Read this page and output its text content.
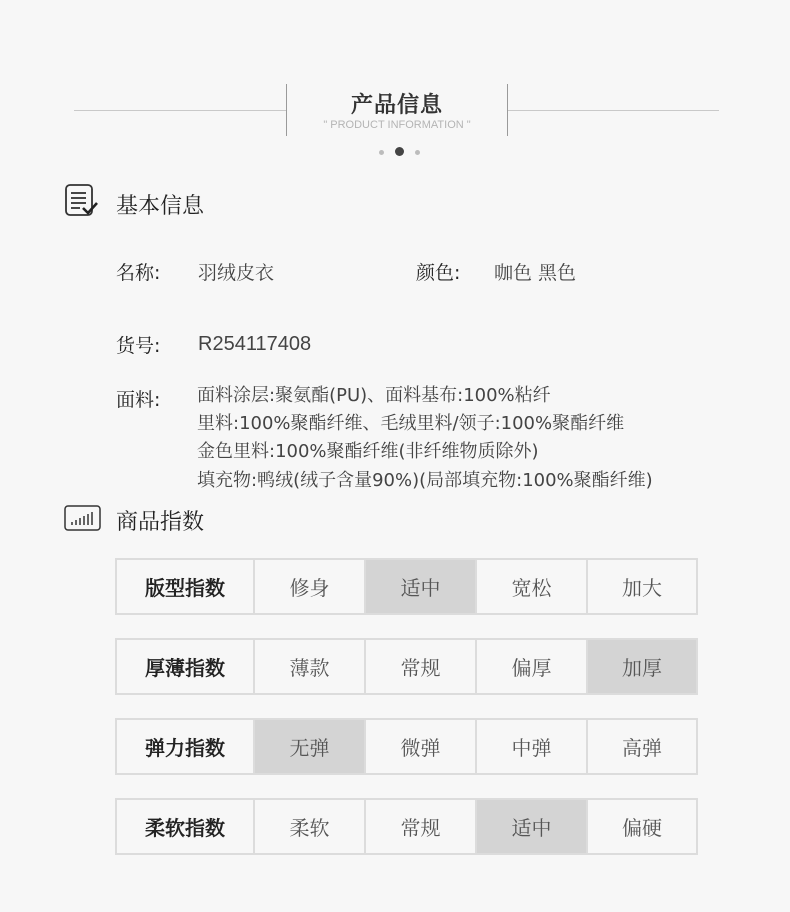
产品信息
" PRODUCT INFORMATION "
基本信息
名称: 羽绒皮衣	颜色: 咖色 黑色
货号: R254117408
面料: 面料涂层:聚氨酯(PU)、面料基布:100%粘纤
里料:100%聚酯纤维、毛绒里料/领子:100%聚酯纤维
金色里料:100%聚酯纤维(非纤维物质除外)
填充物:鸭绒(绒子含量90%)(局部填充物:100%聚酯纤维)
商品指数
版型指数	修身	适中	宽松	加大
厚薄指数	薄款	常规	偏厚	加厚
弹力指数	无弹	微弹	中弹	高弹
柔软指数	柔软	常规	适中	偏硬
